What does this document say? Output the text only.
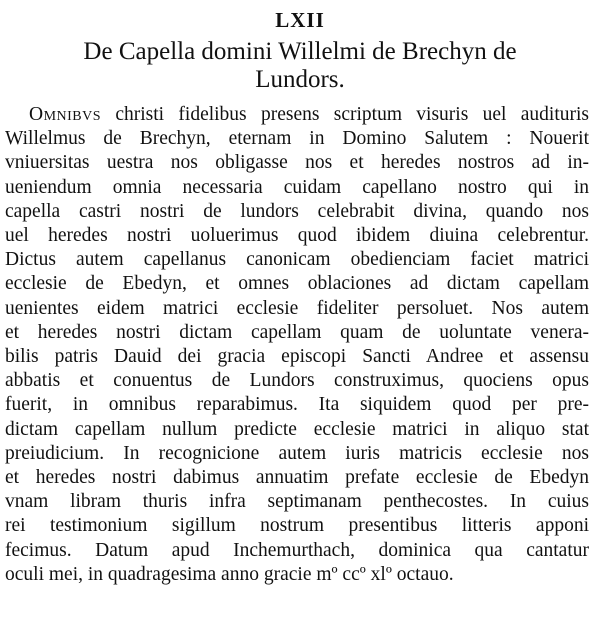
LXII
De Capella domini Willelmi de Brechyn de
Lundors.
Omnibvs christi fidelibus presens scriptum visuris uel audituris
Willelmus de Brechyn, eternam in Domino Salutem : Nouerit
vniuersitas uestra nos obligasse nos et heredes nostros ad in-
ueniendum omnia necessaria cuidam capellano nostro qui in
capella castri nostri de lundors celebrabit divina, quando nos
uel heredes nostri uoluerimus quod ibidem diuina celebrentur.
Dictus autem capellanus canonicam obedienciam faciet matrici
ecclesie de Ebedyn, et omnes oblaciones ad dictam capellam
uenientes eidem matrici ecclesie fideliter persoluet. Nos autem
et heredes nostri dictam capellam quam de uoluntate venera-
bilis patris Dauid dei gracia episcopi Sancti Andree et assensu
abbatis et conuentus de Lundors construximus, quociens opus
fuerit, in omnibus reparabimus. Ita siquidem quod per pre-
dictam capellam nullum predicte ecclesie matrici in aliquo stat
preiudicium. In recognicione autem iuris matricis ecclesie nos
et heredes nostri dabimus annuatim prefate ecclesie de Ebedyn
vnam libram thuris infra septimanam penthecostes. In cuius
rei testimonium sigillum nostrum presentibus litteris apponi
fecimus. Datum apud Inchemurthach, dominica qua cantatur
oculi mei, in quadragesima anno gracie mº ccº xlº octauo.
